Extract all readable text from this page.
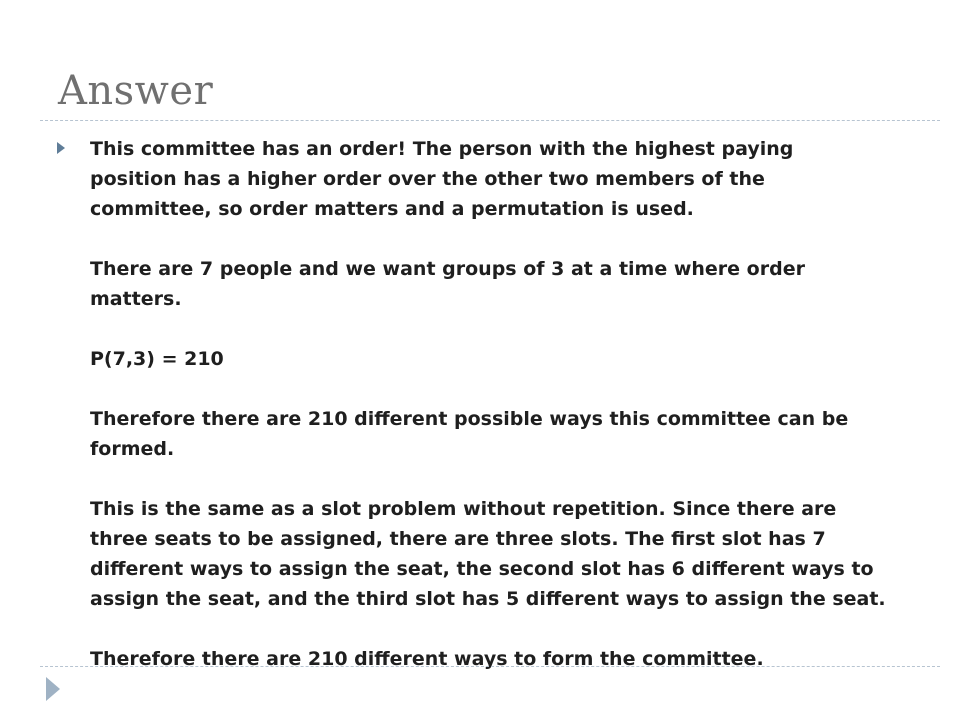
Answer
This committee has an order! The person with the highest paying
position has a higher order over the other two members of the
committee, so order matters and a permutation is used.
There are 7 people and we want groups of 3 at a time where order
matters.
P(7,3) = 210
Therefore there are 210 different possible ways this committee can be
formed.
This is the same as a slot problem without repetition. Since there are
three seats to be assigned, there are three slots. The first slot has 7
different ways to assign the seat, the second slot has 6 different ways to
assign the seat, and the third slot has 5 different ways to assign the seat.
Therefore there are 210 different ways to form the committee.
